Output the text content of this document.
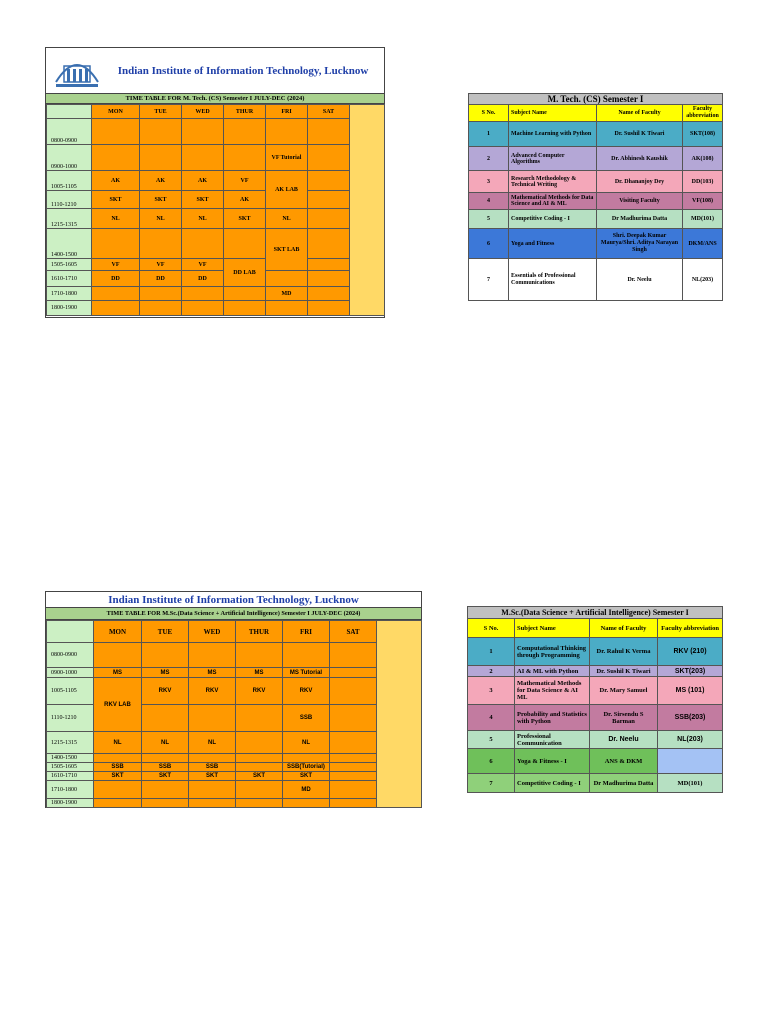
Indian Institute of Information Technology, Lucknow
TIME TABLE FOR M. Tech. (CS) Semester I JULY-DEC (2024)
	MON	TUE	WED	THUR	FRI	SAT	
0800-0900							
0900-1000					VF Tutorial		
1005-1105	AK	AK	AK	VF	AK LAB		
1110-1210	SKT	SKT	SKT	AK			
1215-1315	NL	NL	NL	SKT	NL		
1400-1500					SKT LAB		
1505-1605	VF	VF	VF	DD LAB			
1610-1710	DD	DD	DD				
1710-1800					MD		
1800-1900							
M. Tech. (CS) Semester I			
S No.	Subject Name	Name of Faculty	Faculty abbreviation
1	Machine Learning with Python	Dr. Sushil K Tiwari	SKT(108)
2	Advanced Computer Algorithms	Dr. Abhinesh Kaushik	AK(108)
3	Research Methodology & Technical Writing	Dr. Dhananjoy Dey	DD(103)
4	Mathematical Methods for Data Science and AI & ML	Visiting Faculty	VF(108)
5	Competitive Coding - I	Dr Madhurima Datta	MD(101)
6	Yoga and Fitness	Shri. Deepak Kumar Maurya/Shri. Aditya Narayan Singh	DKM/ANS
7	Essentials of Professional Communications	Dr. Neelu	NL(203)
Indian Institute of Information Technology, Lucknow
TIME TABLE FOR M.Sc.(Data Science + Artificial Intelligence) Semester I JULY-DEC (2024)
	MON	TUE	WED	THUR	FRI	SAT	
0800-0900							
0900-1000	MS	MS	MS	MS	MS Tutorial		
1005-1105	RKV LAB	RKV	RKV	RKV	RKV		
1110-1210					SSB		
1215-1315	NL	NL	NL		NL		
1400-1500							
1505-1605	SSB	SSB	SSB		SSB(Tutorial)		
1610-1710	SKT	SKT	SKT	SKT	SKT		
1710-1800					MD		
1800-1900							
M.Sc.(Data Science + Artificial Intelligence) Semester I			
S No.	Subject Name	Name of Faculty	Faculty abbreviation
1	Computational Thinking through Programming	Dr. Rahul K Verma	RKV (210)
2	AI & ML with Python	Dr. Sushil K Tiwari	SKT(203)
3	Mathematical Methods for Data Science & AI ML	Dr. Mary Samuel	MS (101)
4	Probability and Statistics with Python	Dr. Sirsendu S Barman	SSB(203)
5	Professional Communication	Dr. Neelu	NL(203)
6	Yoga & Fitness - I	ANS & DKM	
7	Competitive Coding - I	Dr Madhurima Datta	MD(101)
